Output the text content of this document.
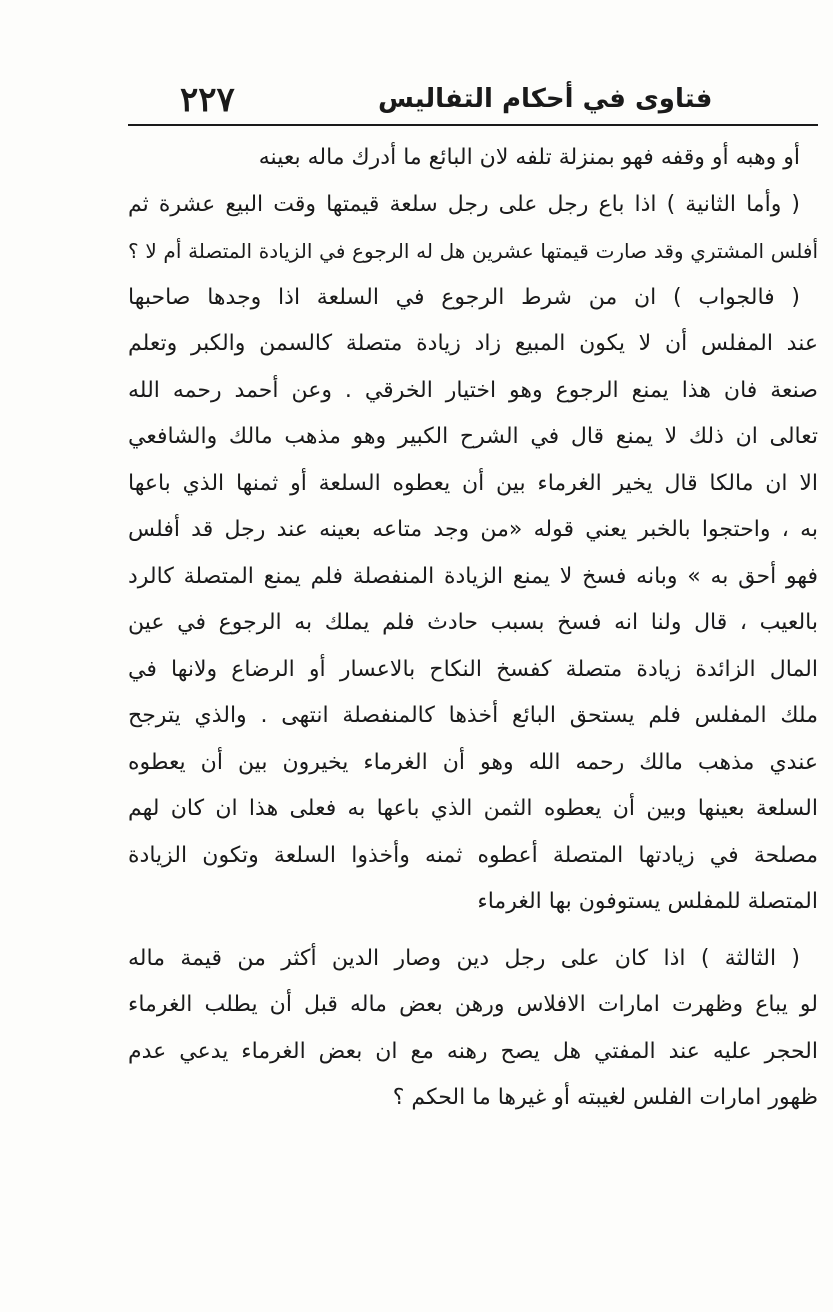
٢٢٧	فتاوى في أحكام التفاليس
أو وهبه أو وقفه فهو بمنزلة تلفه لان البائع ما أدرك ماله بعينه
( وأما الثانية ) اذا باع رجل على رجل سلعة قيمتها وقت البيع عشرة ثم
أفلس المشتري وقد صارت قيمتها عشرين هل له الرجوع في الزيادة المتصلة أم لا ؟
( فالجواب ) ان من شرط الرجوع في السلعة اذا وجدها صاحبها
عند المفلس أن لا يكون المبيع زاد زيادة متصلة كالسمن والكبر وتعلم
صنعة فان هذا يمنع الرجوع وهو اختيار الخرقي . وعن أحمد رحمه الله
تعالى ان ذلك لا يمنع قال في الشرح الكبير وهو مذهب مالك والشافعي
الا ان مالكا قال يخير الغرماء بين أن يعطوه السلعة أو ثمنها الذي باعها
به ، واحتجوا بالخبر يعني قوله «من وجد متاعه بعينه عند رجل قد أفلس
فهو أحق به » وبانه فسخ لا يمنع الزيادة المنفصلة فلم يمنع المتصلة كالرد
بالعيب ، قال ولنا انه فسخ بسبب حادث فلم يملك به الرجوع في عين
المال الزائدة زيادة متصلة كفسخ النكاح بالاعسار أو الرضاع ولانها في
ملك المفلس فلم يستحق البائع أخذها كالمنفصلة انتهى . والذي يترجح
عندي مذهب مالك رحمه الله وهو أن الغرماء يخيرون بين أن يعطوه
السلعة بعينها وبين أن يعطوه الثمن الذي باعها به فعلى هذا ان كان لهم
مصلحة في زيادتها المتصلة أعطوه ثمنه وأخذوا السلعة وتكون الزيادة
المتصلة للمفلس يستوفون بها الغرماء
( الثالثة ) اذا كان على رجل دين وصار الدين أكثر من قيمة ماله
لو يباع وظهرت امارات الافلاس ورهن بعض ماله قبل أن يطلب الغرماء
الحجر عليه عند المفتي هل يصح رهنه مع ان بعض الغرماء يدعي عدم
ظهور امارات الفلس لغيبته أو غيرها ما الحكم ؟
